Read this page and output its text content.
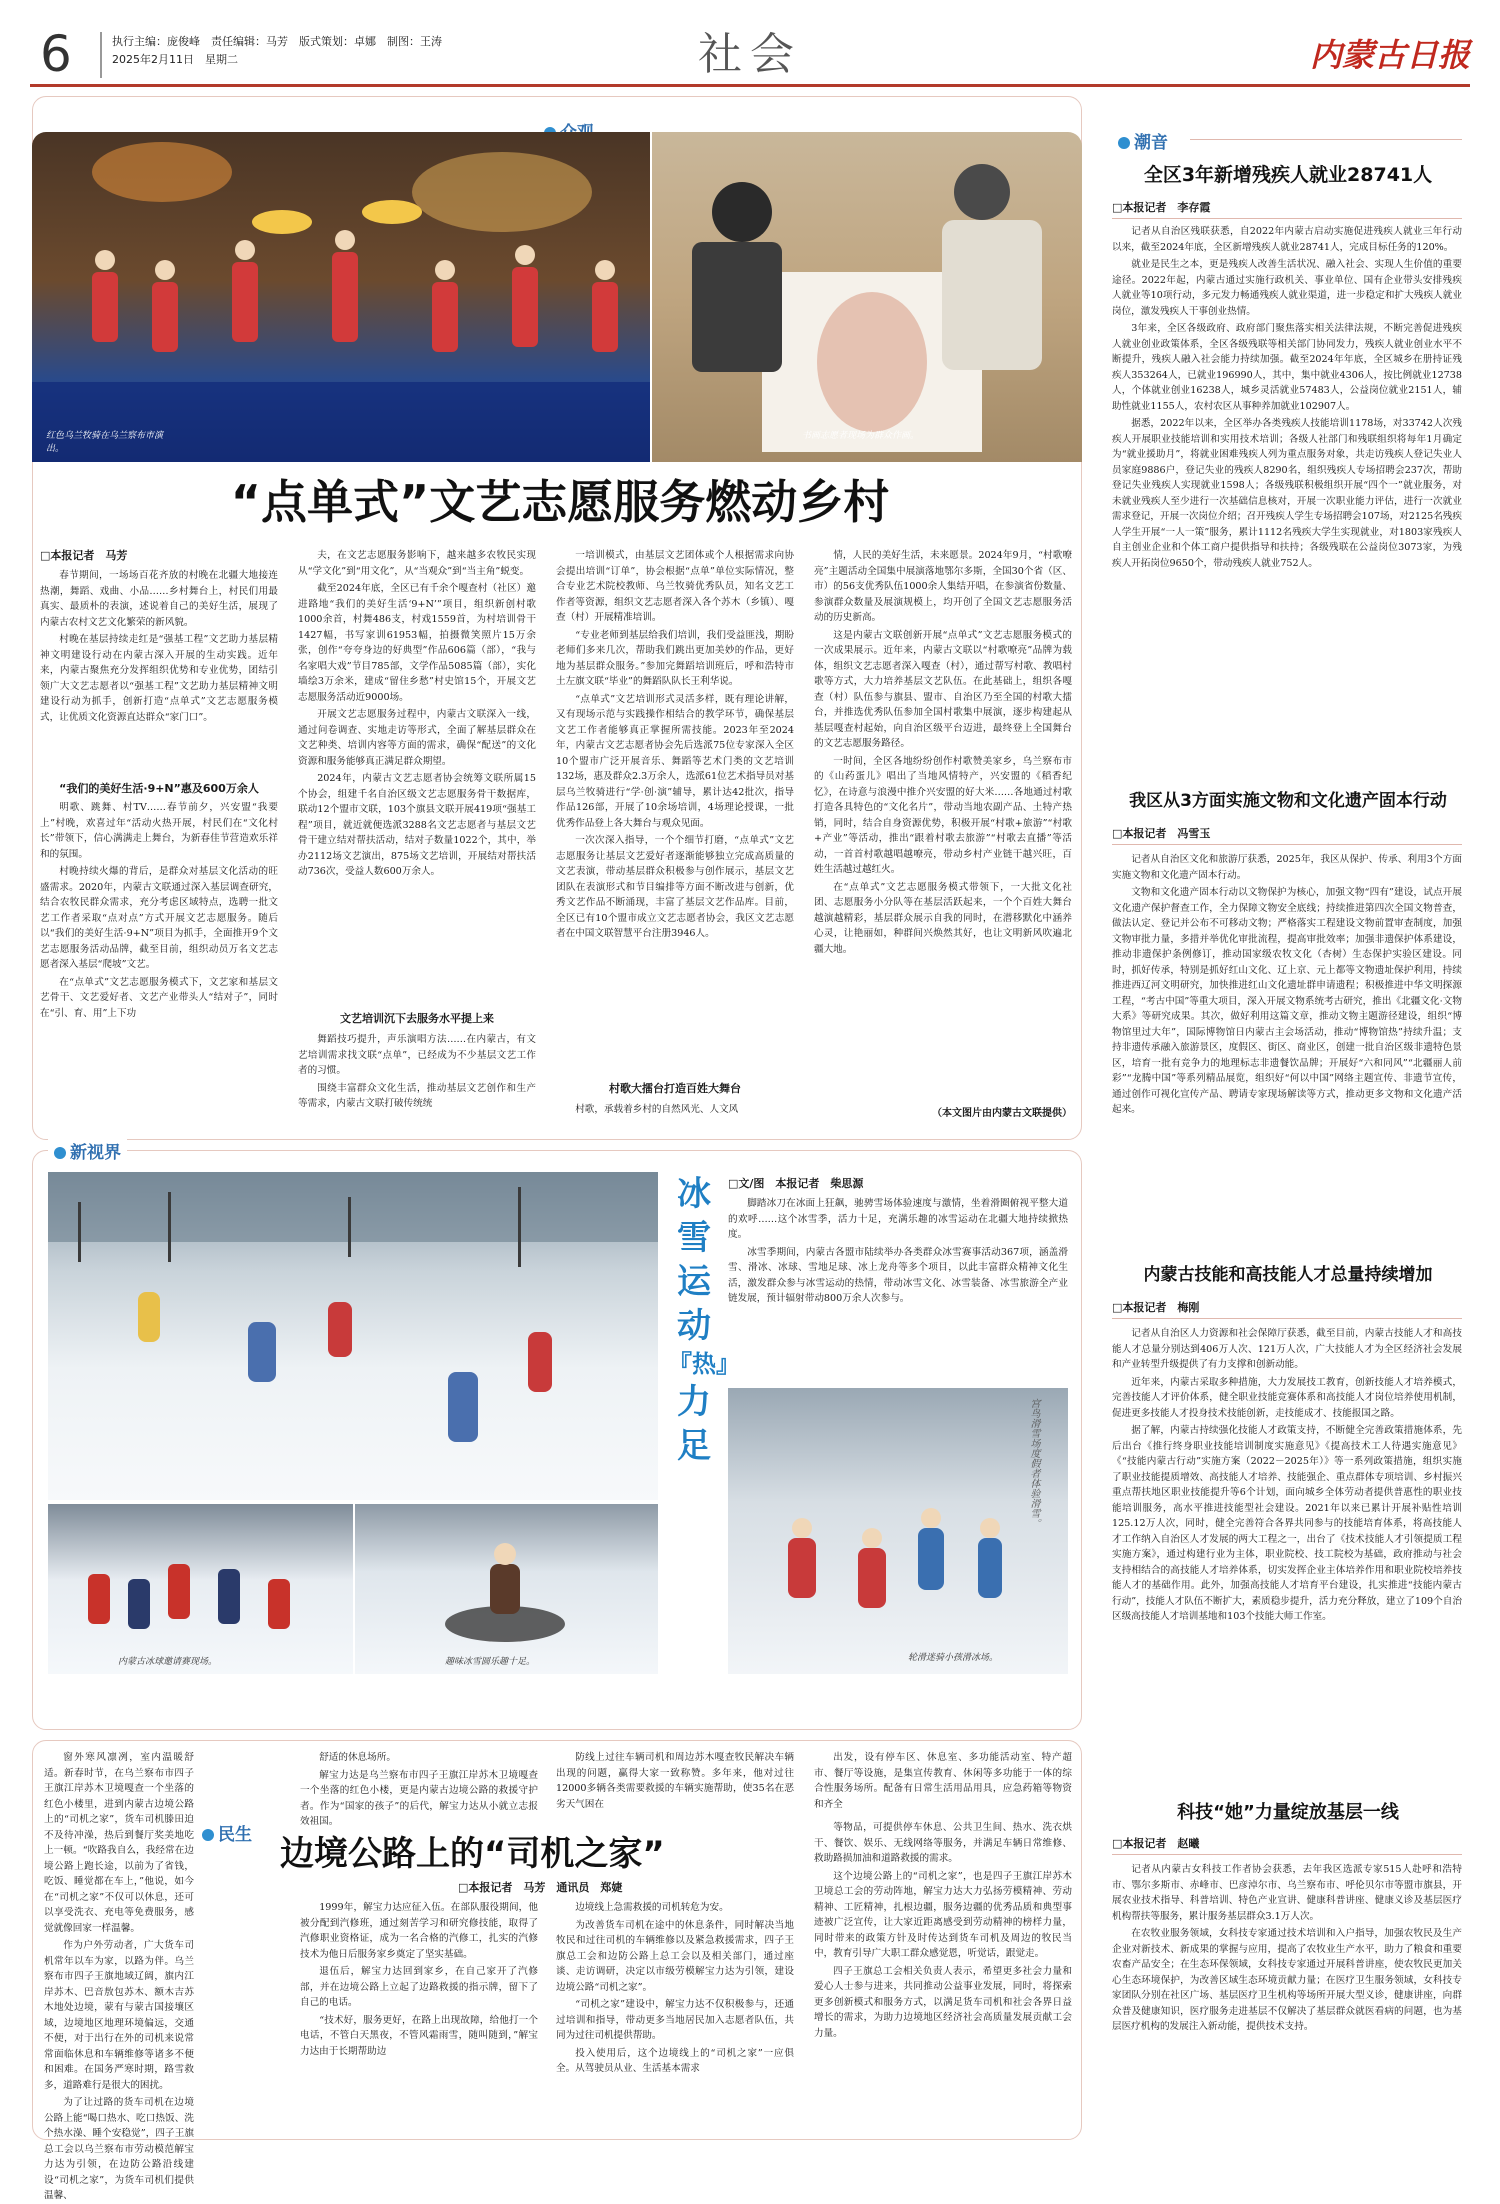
6	执行主编：庞俊峰　责任编辑：马芳　版式策划：卓娜　制图：王涛
2025年2月11日　星期二	社会	内蒙古日报
红色乌兰牧骑在乌兰察布市演出。
书画志愿者现场为群众作画。
“点单式”文艺志愿服务燃动乡村
□本报记者　 马芳

春节期间，一场场百花齐放的村晚在北疆大地接连热潮，舞蹈、戏曲、小品……乡村舞台上，村民们用最真实、最质朴的表演，述说着自己的美好生活，展现了内蒙古农村文艺文化繁荣的新风貌。

村晚在基层持续走红是“强基工程”文艺助力基层精神文明建设行动在内蒙古深入开展的生动实践。近年来，内蒙古聚焦充分发挥组织优势和专业优势，团结引领广大文艺志愿者以“强基工程”文艺助力基层精神文明建设行动为抓手，创新打造“点单式”文艺志愿服务模式，让优质文化资源直达群众“家门口”。

“我们的美好生活·9+N”惠及600万余人

明歌、跳舞、村TV……春节前夕，兴安盟“我要上”村晚，欢喜过年“活动火热开展，村民们在“文化村长”带领下，信心满满走上舞台，为新春佳节营造欢乐祥和的氛围。

村晚持续火爆的背后，是群众对基层文化活动的旺盛需求。2020年，内蒙古文联通过深入基层调查研究，结合农牧民群众需求，充分考虑区域特点，选聘一批文艺工作者采取“点对点”方式开展文艺志愿服务。随后以“我们的美好生活·9+N”项目为抓手，全面推开9个文艺志愿服务活动品牌，截至目前，组织动员万名文艺志愿者深入基层“爬坡”文艺。

在“点单式”文艺志愿服务模式下，文艺家和基层文艺骨干、文艺爱好者、文艺产业带头人“结对子”，同时在“引、育、用”上下功

夫，在文艺志愿服务影响下，越来越多农牧民实现从“学文化”到“用文化”，从“当观众”到“当主角”蜕变。

截至2024年底，全区已有千余个嘎查村（社区）邀进路地“我们的美好生活‘9+N’”项目，组织新创村歌1000余首，村舞486支，村戏1559首，为村培训骨干1427幅，书写家训61953幅，拍摄微笑照片15万余张，创作“夸夸身边的好典型”作品606篇（部），“我与名家唱大戏”节目785部，文学作品5085篇（部），实化墙绘3万余米，建成“留住乡愁”村史馆15个，开展文艺志愿服务活动近9000场。

开展文艺志愿服务过程中，内蒙古文联深入一线，通过问卷调查、实地走访等形式，全面了解基层群众在文艺种类、培训内容等方面的需求，确保“配送”的文化资源和服务能够真正满足群众期望。

2024年，内蒙古文艺志愿者协会统筹文联所属15个协会，组建千名自治区级文艺志愿服务骨干数据库，联动12个盟市文联，103个旗县文联开展419项“强基工程”项目，就近就便选派3288名文艺志愿者与基层文艺骨干建立结对帮扶活动，结对子数量1022个，其中，举办2112场文艺演出，875场文艺培训，开展结对帮扶活动736次，受益人数600万余人。

文艺培训沉下去服务水平提上来

舞蹈技巧提升，声乐演唱方法……在内蒙古，有文艺培训需求找文联“点单”，已经成为不少基层文艺工作者的习惯。

围绕丰富群众文化生活，推动基层文艺创作和生产等需求，内蒙古文联打破传统统

一培训模式，由基层文艺团体或个人根据需求向协会提出培训“订单”，协会根据“点单”单位实际情况，整合专业艺术院校教师、乌兰牧骑优秀队员，知名文艺工作者等资源，组织文艺志愿者深入各个苏木（乡镇）、嘎查（村）开展精准培训。

“专业老师到基层给我们培训，我们受益匪浅，期盼老师们多来几次，帮助我们跳出更加美妙的作品，更好地为基层群众服务。”参加完舞蹈培训班后，呼和浩特市土左旗文联“毕业”的舞蹈队队长王利华说。

“点单式”文艺培训形式灵活多样，既有理论讲解，又有现场示范与实践操作相结合的教学环节，确保基层文艺工作者能够真正掌握所需技能。2023年至2024年，内蒙古文艺志愿者协会先后选派75位专家深入全区10个盟市广泛开展音乐、舞蹈等艺术门类的文艺培训132场，惠及群众2.3万余人，选派61位艺术指导员对基层乌兰牧骑进行“学·创·演”辅导，累计达42批次，指导作品126部，开展了10余场培训，4场理论授课，一批优秀作品登上各大舞台与观众见面。

一次次深入指导，一个个细节打磨，“点单式”文艺志愿服务让基层文艺爱好者逐渐能够独立完成高质量的文艺表演，带动基层群众积极参与创作展示，基层文艺团队在表演形式和节目编排等方面不断改进与创新，优秀文艺作品不断涌现，丰富了基层文艺作品库。目前，全区已有10个盟市成立文艺志愿者协会，我区文艺志愿者在中国文联智慧平台注册3946人。

村歌大擂台打造百姓大舞台

村歌，承载着乡村的自然风光、人文风

情，人民的美好生活，未来愿景。2024年9月，“村歌嘹亮”主题活动全国集中展演落地鄂尔多斯，全国30个省（区、市）的56支优秀队伍1000余人集结开唱，在参演省份数量、参演群众数量及展演规模上，均开创了全国文艺志愿服务活动的历史新高。

这是内蒙古文联创新开展“点单式”文艺志愿服务模式的一次成果展示。近年来，内蒙古文联以“村歌嘹亮”品牌为载体，组织文艺志愿者深入嘎查（村），通过帮写村歌、教唱村歌等方式，大力培养基层文艺队伍。在此基础上，组织各嘎查（村）队伍参与旗县、盟市、自治区乃至全国的村歌大擂台，并推选优秀队伍参加全国村歌集中展演，逐步构建起从基层嘎查村起始，向自治区级平台迈进，最终登上全国舞台的文艺志愿服务路径。

一时间，全区各地纷纷创作村歌赞美家乡，乌兰察布市的《山药蛋儿》唱出了当地风情特产，兴安盟的《稻香纪忆》，在诗意与浪漫中推介兴安盟的好大米……各地通过村歌打造各具特色的“文化名片”，带动当地农副产品、土特产热销，同时，结合自身资源优势，积极开展“村歌+旅游”“村歌+产业”等活动，推出“跟着村歌去旅游”“村歌去直播”等活动，一首首村歌越唱越嘹亮，带动乡村产业链干越兴旺，百姓生活越过越红火。

在“点单式”文艺志愿服务模式带领下，一大批文化社团、志愿服务小分队等在基层活跃起来，一个个百姓大舞台越演越精彩，基层群众展示自我的同时，在潜移默化中涵养心灵，让艳丽如，种群间兴焕然其好，也让文明新风吹遍北疆大地。

（本文图片由内蒙古文联提供）
新视界
冰
雪
运
动
『热』
力
足
□文/图　本报记者　 柴思源

脚踏冰刀在冰面上狂飙，驰骋雪场体验速度与激情，坐着滑圈俯视平整大道的欢呼……这个冰雪季，活力十足，充满乐趣的冰雪运动在北疆大地持续掀热度。

冰雪季期间，内蒙古各盟市陆续举办各类群众冰雪赛事活动367项，涵盖滑雪、滑冰、冰球、雪地足球、冰上龙舟等多个项目，以此丰富群众精神文化生活，激发群众参与冰雪运动的热情，带动冰雪文化、冰雪装备、冰雪旅游全产业链发展，预计辐射带动800万余人次参与。

宫鸟滑雪场度假者体验滑雪。
轮滑迷骑小孩滑冰场。
内蒙古冰球邀请赛现场。	趣味冰雪圆乐趣十足。

窗外寒风凛冽，室内温暖舒适。新春时节，在乌兰察布市四子王旗江岸苏木卫境嘎查一个坐落的红色小楼里，进到内蒙古边境公路上的“司机之家”，货车司机滕田迫不及待冲澡，热后到餐厅奖美地吃上一顿。“吹路我自么，我经常在边境公路上跑长途，以前为了省钱，吃饭、睡觉都在车上，”他说，如今在“司机之家”不仅可以休息，还可以享受洗衣、充电等免费服务，感觉就像回家一样温馨。

作为户外劳动者，广大货车司机常年以车为家，以路为伴。乌兰察布市四子王旗地域辽阔，旗内江岸苏木、巴音敖包苏木、额木吉苏木地处边境，蒙有与蒙古国接壤区域，边境地区地理环境偏远，交通不便，对于出行在外的司机来说常常面临休息和车辆维修等诸多不便和困难。在国务严寒时期，路雪救多，道路难行是很大的困扰。

为了让过路的货车司机在边境公路上能“喝口热水、吃口热饭、洗个热水澡、睡个安稳觉”，四子王旗总工会以乌兰察布市劳动模范解宝力达为引领，在边防公路沿线建设“司机之家”，为货车司机们提供温馨、

舒适的休息场所。

解宝力达是乌兰察布市四子王旗江岸苏木卫境嘎查一个坐落的红色小楼，更是内蒙古边境公路的救援守护者。作为“国家的孩子”的后代，解宝力达从小就立志报效祖国。

防线上过往车辆司机和周边苏木嘎查牧民解决车辆出现的问题，赢得大家一致称赞。多年来，他对过往12000多辆各类需要救援的车辆实施帮助，使35名在恶劣天气困在

出发，设有停车区、休息室、多功能活动室、特产超市、餐厅等设施，是集宣传教育、休闲等多功能于一体的综合性服务场所。配备有日常生活用品用具，应急药箱等物资和齐全

民生 边境公路上的“司机之家”
□本报记者　马芳　通讯员　郑婕

1999年，解宝力达应征入伍。在部队服役期间，他被分配到汽修班，通过刻苦学习和研究修技能，取得了汽修职业资格证，成为一名合格的汽修工，扎实的汽修技术为他日后服务家乡奠定了坚实基础。

退伍后，解宝力达回到家乡，在自己家开了汽修部，并在边境公路上立起了边路救援的指示牌，留下了自己的电话。

“技术好，服务更好，在路上出现故障，给他打一个电话，不管白天黑夜，不管风霜雨雪，随叫随到，”解宝力达由于长期帮助边

边境线上急需救援的司机转危为安。

为改善货车司机在途中的休息条件，同时解决当地牧民和过往司机的车辆维修以及紧急救援需求，四子王旗总工会和边防公路上总工会以及相关部门，通过座谈、走访调研，决定以市级劳模解宝力达为引领，建设边境公路“司机之家”。

“司机之家”建设中，解宝力达不仅积极参与，还通过培训和指导，带动更多当地居民加入志愿者队伍，共同为过往司机提供帮助。

投入使用后，这个边境线上的“司机之家”一应俱全。从驾驶员从业、生活基本需求

等物品，可提供停车休息、公共卫生间、热水、洗衣烘干、餐饮、娱乐、无线网络等服务，并满足车辆日常维修、救助路损加油和道路救援的需求。

这个边境公路上的“司机之家”，也是四子王旗江岸苏木卫境总工会的劳动阵地，解宝力达大力弘扬劳模精神、劳动精神、工匠精神，扎根边疆，服务边疆的优秀品质和典型事迹被广泛宣传，让大家近距离感受到劳动精神的榜样力量，同时带来的政策方针及时传达到货车司机及周边的牧民当中，教育引导广大职工群众感觉恩，听觉话，跟觉走。

四子王旗总工会相关负责人表示，希望更多社会力量和爱心人士参与进来，共同推动公益事业发展，同时，将探索更多创新模式和服务方式，以满足货车司机和社会各界日益增长的需求，为助力边境地区经济社会高质量发展贡献工会力量。

潮音
全区3年新增残疾人就业28741人
□本报记者　 李存霞

记者从自治区残联获悉，自2022年内蒙古启动实施促进残疾人就业三年行动以来，截至2024年底，全区新增残疾人就业28741人，完成目标任务的120%。

就业是民生之本，更是残疾人改善生活状况、融入社会、实现人生价值的重要途径。2022年起，内蒙古通过实施行政机关、事业单位、国有企业带头安排残疾人就业等10项行动，多元发力畅通残疾人就业渠道，进一步稳定和扩大残疾人就业岗位，激发残疾人干事创业热情。

3年来，全区各级政府、政府部门聚焦落实相关法律法规，不断完善促进残疾人就业创业政策体系，全区各级残联等相关部门协同发力，残疾人就业创业水平不断提升，残疾人融入社会能力持续加强。截至2024年年底，全区城乡在册持证残疾人353264人，已就业196990人，其中，集中就业4306人，按比例就业12738人，个体就业创业16238人，城乡灵活就业57483人，公益岗位就业2151人，辅助性就业1155人，农村农区从事种养加就业102907人。

据悉，2022年以来，全区举办各类残疾人技能培训1178场，对33742人次残疾人开展职业技能培训和实用技术培训；各级人社部门和残联组织将每年1月确定为“就业援助月”，将就业困难残疾人列为重点服务对象，共走访残疾人登记失业人员家庭9886户，登记失业的残疾人8290名，组织残疾人专场招聘会237次，帮助登记失业残疾人实现就业1598人；各级残联积极组织开展“四个一”就业服务，对未就业残疾人至少进行一次基础信息核对，开展一次职业能力评估，进行一次就业需求登记，开展一次岗位介绍；召开残疾人学生专场招聘会107场，对2125名残疾人学生开展“一人一策”服务，累计1112名残疾大学生实现就业，对1803家残疾人自主创业企业和个体工商户提供指导和扶持；各级残联在公益岗位3073家，为残疾人开拓岗位9650个，带动残疾人就业752人。

我区从3方面实施文物和文化遗产固本行动
□本报记者　 冯雪玉

记者从自治区文化和旅游厅获悉，2025年，我区从保护、传承、利用3个方面实施文物和文化遗产固本行动。

文物和文化遗产固本行动以文物保护为核心，加强文物“四有”建设，试点开展文化遗产保护督查工作，全力保障文物安全底线；持续推进第四次全国文物普查，做法认定、登记并公布不可移动文物；严格落实工程建设文物前置审查制度，加强文物审批力量，多措并举优化审批流程，提高审批效率；加强非遗保护体系建设，推动非遗保护条例修订，推动国家级农牧文化（杏树）生态保护实验区建设。同时，抓好传承，特别是抓好红山文化、辽上京、元上都等文物遗址保护利用，持续推进西辽河文明研究，加快推进红山文化遗址群申请遗程；积极推进中华文明探源工程，“考古中国”等重大项目，深入开展文物系统考古研究，推出《北疆文化·文物大系》等研究成果。其次，做好利用这篇文章，推动文物主题游径建设，组织“博物馆里过大年”，国际博物馆日内蒙古主会场活动，推动“博物馆热”持续升温；支持非遗传承融入旅游景区，度假区、街区、商业区，创建一批自治区级非遗特色景区，培育一批有竞争力的地理标志非遗餐饮品牌；开展好“六和同风”“北疆丽人前彩”“龙腾中国”等系列精品展览，组织好“何以中国”网络主题宣传、非遗节宣传，通过创作可视化宣传产品、聘请专家现场解读等方式，推动更多文物和文化遗产活起来。

内蒙古技能和高技能人才总量持续增加
□本报记者　 梅刚

记者从自治区人力资源和社会保障厅获悉，截至目前，内蒙古技能人才和高技能人才总量分别达到406万人次、121万人次，广大技能人才为全区经济社会发展和产业转型升级提供了有力支撑和创新动能。

近年来，内蒙古采取多种措施，大力发展技工教育，创新技能人才培养模式，完善技能人才评价体系，健全职业技能竞赛体系和高技能人才岗位培养使用机制，促进更多技能人才投身技术技能创新，走技能成才、技能报国之路。

据了解，内蒙古持续强化技能人才政策支持，不断健全完善政策措施体系，先后出台《推行终身职业技能培训制度实施意见》《提高技术工人待遇实施意见》《“技能内蒙古行动”实施方案（2022－2025年）》等一系列政策措施，组织实施了职业技能提质增效、高技能人才培养、技能强企、重点群体专项培训、乡村振兴重点帮扶地区职业技能提升等6个计划，面向城乡全体劳动者提供普惠性的职业技能培训服务，高水平推进技能型社会建设。2021年以来已累计开展补贴性培训125.12万人次，同时，健全完善符合各界共同参与的技能培育体系，将高技能人才工作纳入自治区人才发展的两大工程之一，出台了《技术技能人才引领提质工程实施方案》，通过构建行业为主体，职业院校、技工院校为基础，政府推动与社会支持相结合的高技能人才培养体系，切实发挥企业主体培养作用和职业院校培养技能人才的基础作用。此外，加强高技能人才培育平台建设，扎实推进“技能内蒙古行动”，技能人才队伍不断扩大，素质稳步提升，活力充分释放，建立了109个自治区级高技能人才培训基地和103个技能大师工作室。

科技“她”力量绽放基层一线
□本报记者　 赵曦

记者从内蒙古女科技工作者协会获悉，去年我区选派专家515人赴呼和浩特市、鄂尔多斯市、赤峰市、巴彦淖尔市、乌兰察布市、呼伦贝尔市等盟市旗县，开展农业技术指导、科普培训、特色产业宣讲、健康科普讲座、健康义诊及基层医疗机构帮扶等服务，累计服务基层群众3.1万人次。

在农牧业服务领域，女科技专家通过技术培训和入户指导，加强农牧民及生产企业对新技术、新成果的掌握与应用，提高了农牧业生产水平，助力了粮食和重要农畜产品安全；在生态环保领域，女科技专家通过开展科普讲座，使农牧民更加关心生态环境保护，为改善区域生态环境贡献力量；在医疗卫生服务领域，女科技专家团队分别在社区广场、基层医疗卫生机构等场所开展大型义诊，健康讲座，向群众普及健康知识，医疗服务走进基层不仅解决了基层群众就医看病的问题，也为基层医疗机构的发展注入新动能，提供技术支持。
